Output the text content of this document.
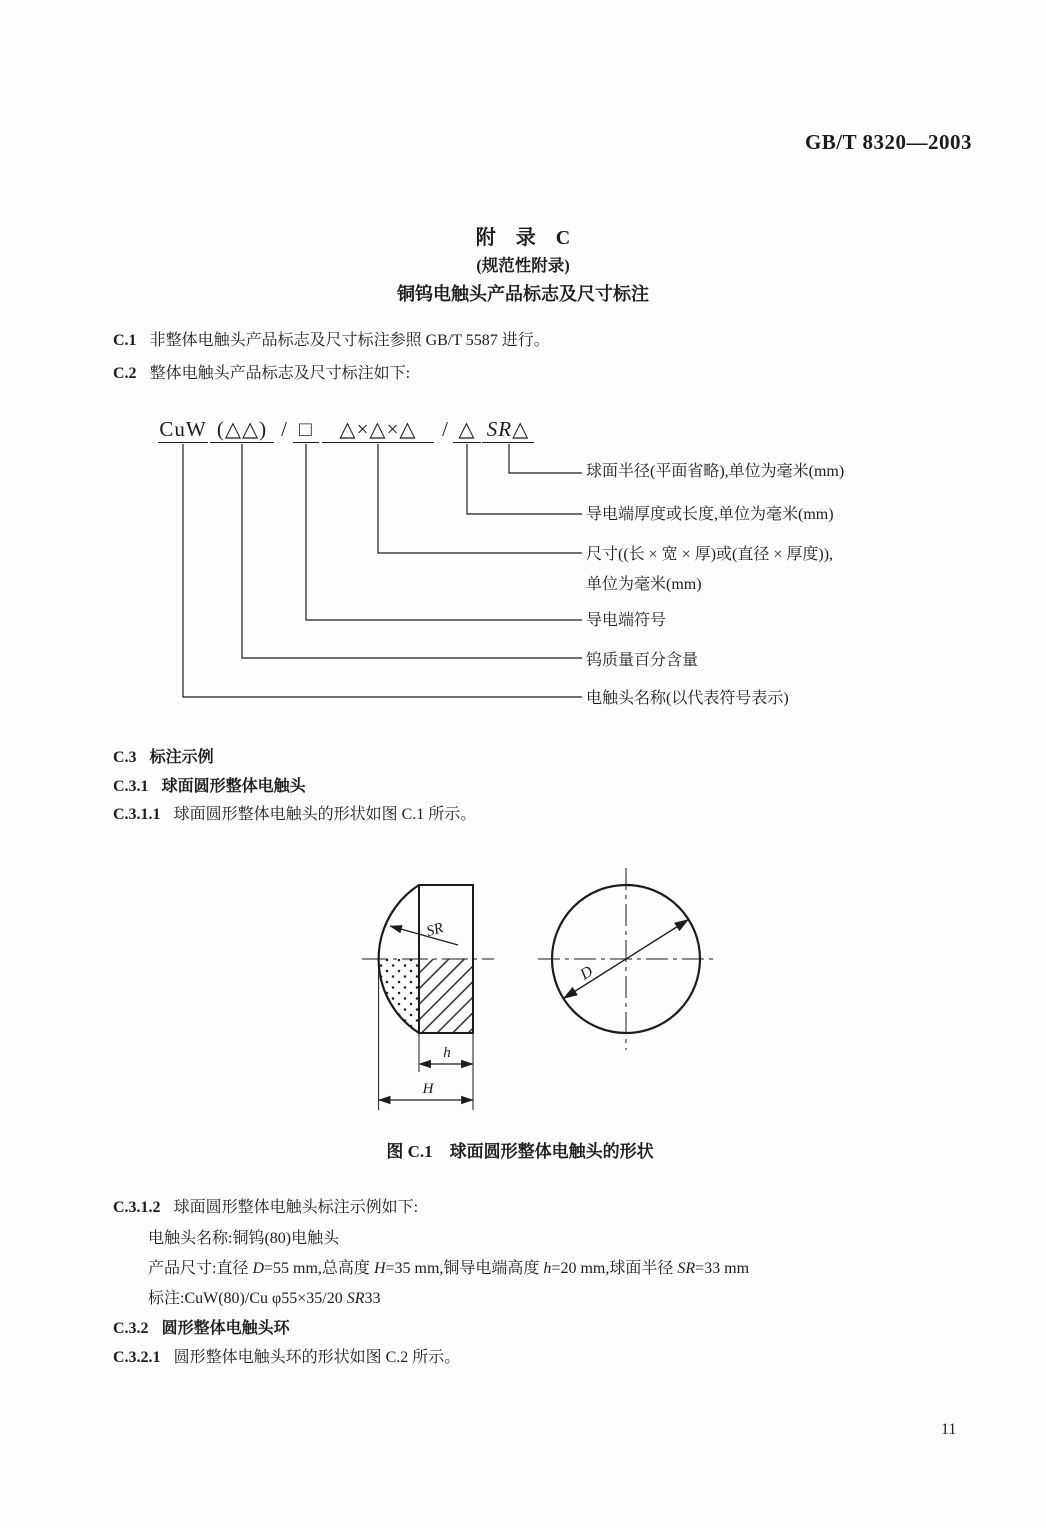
GB/T 8320—2003
附　录　C
(规范性附录)
铜钨电触头产品标志及尺寸标注
C.1 非整体电触头产品标志及尺寸标注参照 GB/T 5587 进行。
C.2 整体电触头产品标志及尺寸标注如下:
CuW (△△) / □	△×△×△	/ △ SR△
球面半径(平面省略),单位为毫米(mm)
导电端厚度或长度,单位为毫米(mm)
尺寸((长 × 宽 × 厚)或(直径 × 厚度)),
单位为毫米(mm)
导电端符号
钨质量百分含量
电触头名称(以代表符号表示)
C.3 标注示例
C.3.1 球面圆形整体电触头
C.3.1.1 球面圆形整体电触头的形状如图 C.1 所示。
SR
h
H
D
图 C.1　球面圆形整体电触头的形状
C.3.1.2 球面圆形整体电触头标注示例如下:
电触头名称:铜钨(80)电触头
产品尺寸:直径 D=55 mm,总高度 H=35 mm,铜导电端高度 h=20 mm,球面半径 SR=33 mm
标注:CuW(80)/Cu φ55×35/20 SR33
C.3.2 圆形整体电触头环
C.3.2.1 圆形整体电触头环的形状如图 C.2 所示。
11
